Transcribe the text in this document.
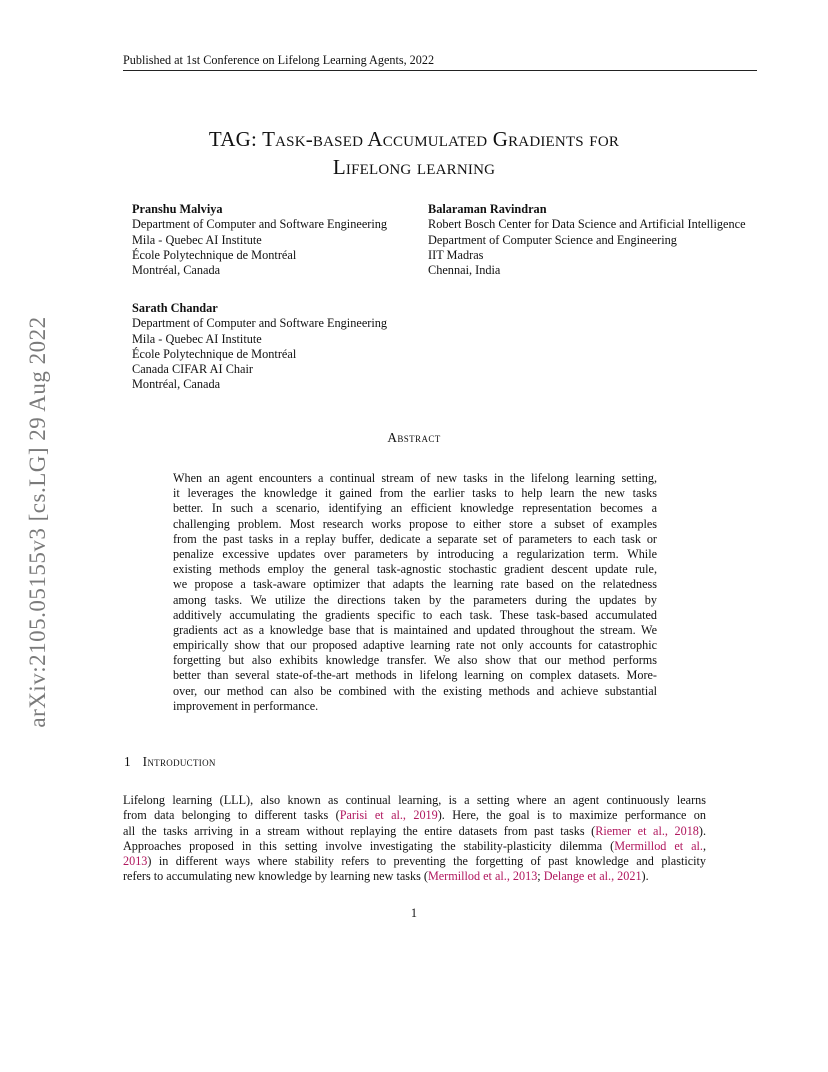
Published at 1st Conference on Lifelong Learning Agents, 2022
TAG: Task-based Accumulated Gradients for
Lifelong learning
Pranshu Malviya
Department of Computer and Software Engineering
Mila - Quebec AI Institute
École Polytechnique de Montréal
Montréal, Canada
Balaraman Ravindran
Robert Bosch Center for Data Science and Artificial Intelligence
Department of Computer Science and Engineering
IIT Madras
Chennai, India
Sarath Chandar
Department of Computer and Software Engineering
Mila - Quebec AI Institute
École Polytechnique de Montréal
Canada CIFAR AI Chair
Montréal, Canada
arXiv:2105.05155v3 [cs.LG] 29 Aug 2022	Abstract
When an agent encounters a continual stream of new tasks in the lifelong learning setting,
it leverages the knowledge it gained from the earlier tasks to help learn the new tasks
better. In such a scenario, identifying an efficient knowledge representation becomes a
challenging problem. Most research works propose to either store a subset of examples
from the past tasks in a replay buffer, dedicate a separate set of parameters to each task or
penalize excessive updates over parameters by introducing a regularization term. While
existing methods employ the general task-agnostic stochastic gradient descent update rule,
we propose a task-aware optimizer that adapts the learning rate based on the relatedness
among tasks. We utilize the directions taken by the parameters during the updates by
additively accumulating the gradients specific to each task. These task-based accumulated
gradients act as a knowledge base that is maintained and updated throughout the stream. We
empirically show that our proposed adaptive learning rate not only accounts for catastrophic
forgetting but also exhibits knowledge transfer. We also show that our method performs
better than several state-of-the-art methods in lifelong learning on complex datasets. More-
over, our method can also be combined with the existing methods and achieve substantial
improvement in performance.
1 Introduction
Lifelong learning (LLL), also known as continual learning, is a setting where an agent continuously learns
from data belonging to different tasks (Parisi et al., 2019). Here, the goal is to maximize performance on
all the tasks arriving in a stream without replaying the entire datasets from past tasks (Riemer et al., 2018).
Approaches proposed in this setting involve investigating the stability-plasticity dilemma (Mermillod et al.,
2013) in different ways where stability refers to preventing the forgetting of past knowledge and plasticity
refers to accumulating new knowledge by learning new tasks (Mermillod et al., 2013; Delange et al., 2021).
1
